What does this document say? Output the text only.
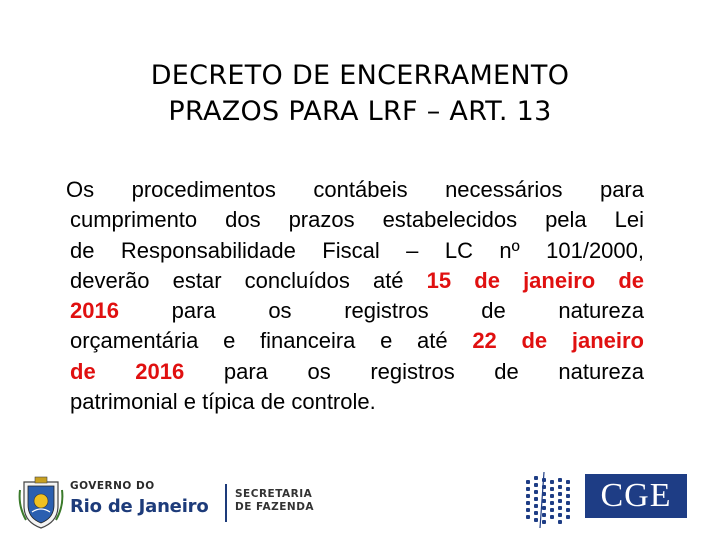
DECRETO DE ENCERRAMENTO
PRAZOS PARA LRF – ART. 13
Os procedimentos contábeis necessários para
cumprimento dos prazos estabelecidos pela Lei
de Responsabilidade Fiscal – LC nº 101/2000,
deverão estar concluídos até 15 de janeiro de
2016 para os registros de natureza
orçamentária e financeira e até 22 de janeiro
de 2016 para os registros de natureza
patrimonial e típica de controle.
GOVERNO DO
Rio de Janeiro
SECRETARIA
DE FAZENDA	CGE
